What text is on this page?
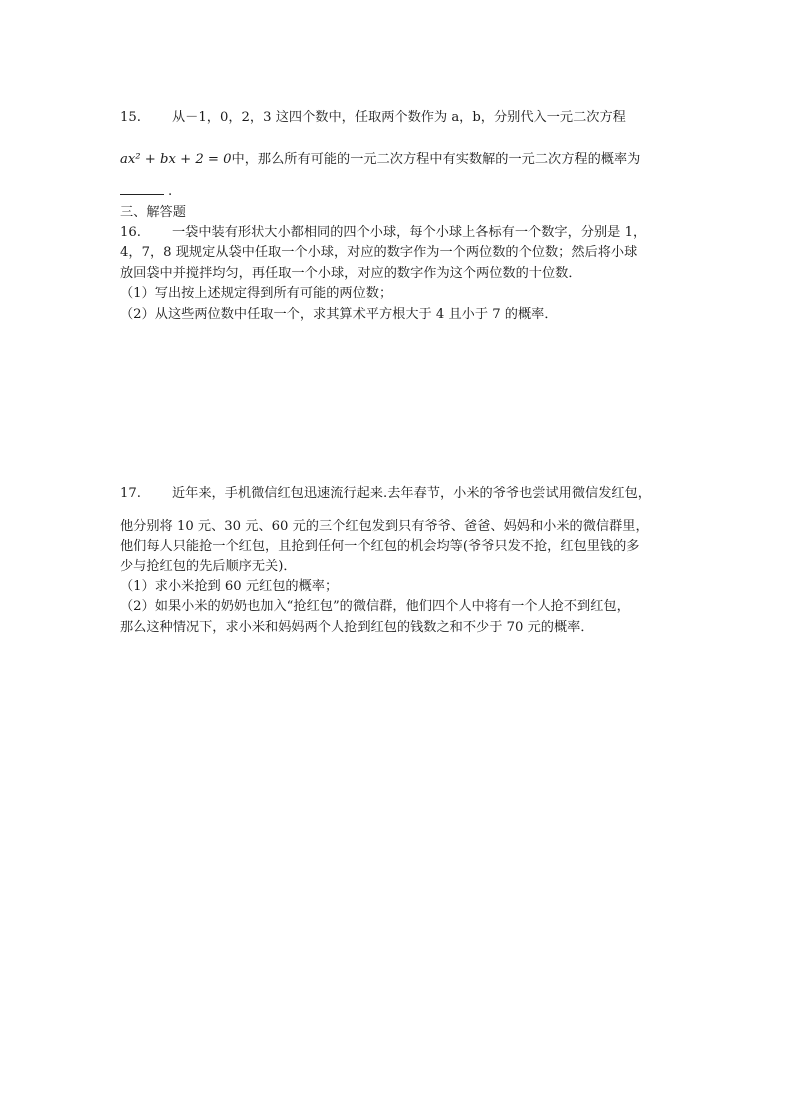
15. 从－1，0，2，3 这四个数中，任取两个数作为 a，b，分别代入一元二次方程
ax² + bx + 2 = 0中，那么所有可能的一元二次方程中有实数解的一元二次方程的概率为
.
三、解答题
16. 一袋中装有形状大小都相同的四个小球，每个小球上各标有一个数字，分别是 1，
4，7，8 现规定从袋中任取一个小球，对应的数字作为一个两位数的个位数；然后将小球
放回袋中并搅拌均匀，再任取一个小球，对应的数字作为这个两位数的十位数．
（1）写出按上述规定得到所有可能的两位数；
（2）从这些两位数中任取一个，求其算术平方根大于 4 且小于 7 的概率．
17. 近年来，手机微信红包迅速流行起来.去年春节，小米的爷爷也尝试用微信发红包，
他分别将 10 元、30 元、60 元的三个红包发到只有爷爷、爸爸、妈妈和小米的微信群里，
他们每人只能抢一个红包，且抢到任何一个红包的机会均等(爷爷只发不抢，红包里钱的多
少与抢红包的先后顺序无关)．
（1）求小米抢到 60 元红包的概率；
（2）如果小米的奶奶也加入“抢红包”的微信群，他们四个人中将有一个人抢不到红包，
那么这种情况下，求小米和妈妈两个人抢到红包的钱数之和不少于 70 元的概率．
